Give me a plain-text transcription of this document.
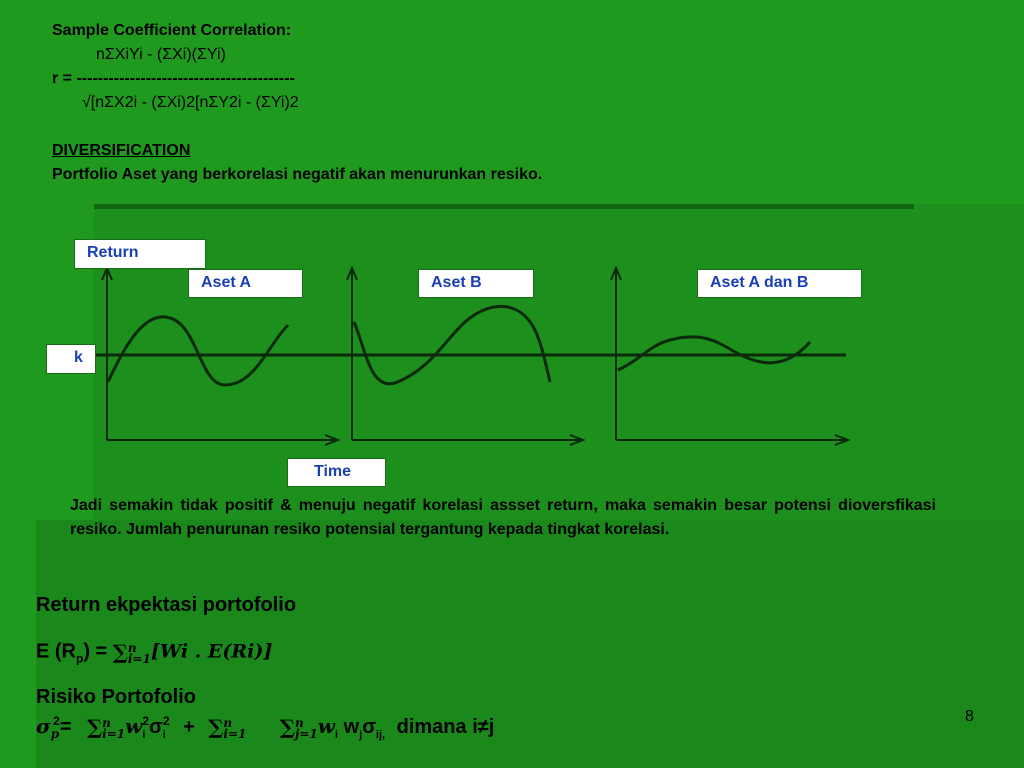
Sample Coefficient Correlation:
nΣXiYi - (ΣXi)(ΣYi)
r = -----------------------------------------
√[nΣX2i - (ΣXi)2[nΣY2i - (ΣYi)2
DIVERSIFICATION
Portfolio Aset yang berkorelasi negatif akan menurunkan resiko.
Return
Aset A	Aset B	Aset A dan B
k
Time
Jadi semakin tidak positif & menuju negatif korelasi assset return, maka semakin besar potensi dioversfikasi resiko. Jumlah penurunan resiko potensial tergantung kepada tingkat korelasi.
Return ekpektasi portofolio
E $(R_p)$ = ∑ n
i=1 [Wi . E(Ri)]
Risiko Portofolio
$\sigma_p^2=$ ∑ n
i=1 $w_i^2\sigma_i^2$ + ∑ n
i=1 ∑ n
j=1 $w_i$ $w_j\sigma_{ij,}$ dimana i≠j	8
